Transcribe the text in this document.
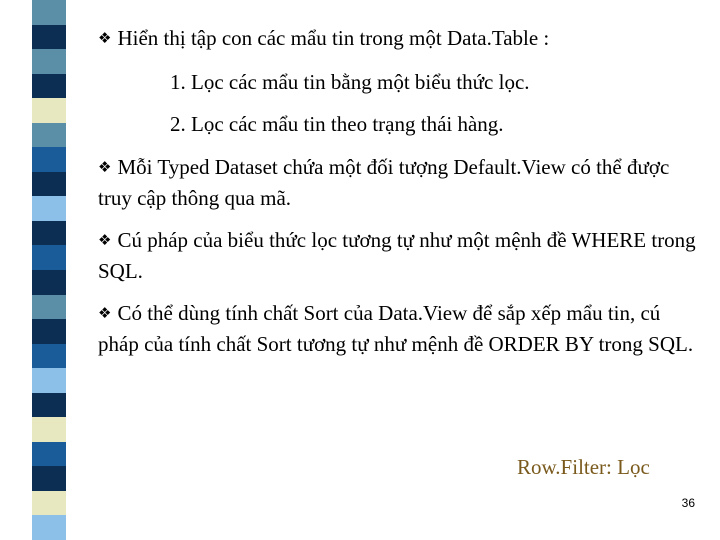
❖ Hiển thị tập con các mẩu tin trong một Data.Table :

1. Lọc các mẩu tin bằng một biểu thức lọc.

2. Lọc các mẩu tin theo trạng thái hàng.

❖ Mỗi Typed Dataset chứa một đối tượng Default.View có thể được truy cập thông qua mã.

❖ Cú pháp của biểu thức lọc tương tự như một mệnh đề WHERE trong SQL.

❖ Có thể dùng tính chất Sort của Data.View để sắp xếp mẩu tin, cú pháp của tính chất Sort tương tự như mệnh đề ORDER BY trong SQL.

Row.Filter: Lọc
36
